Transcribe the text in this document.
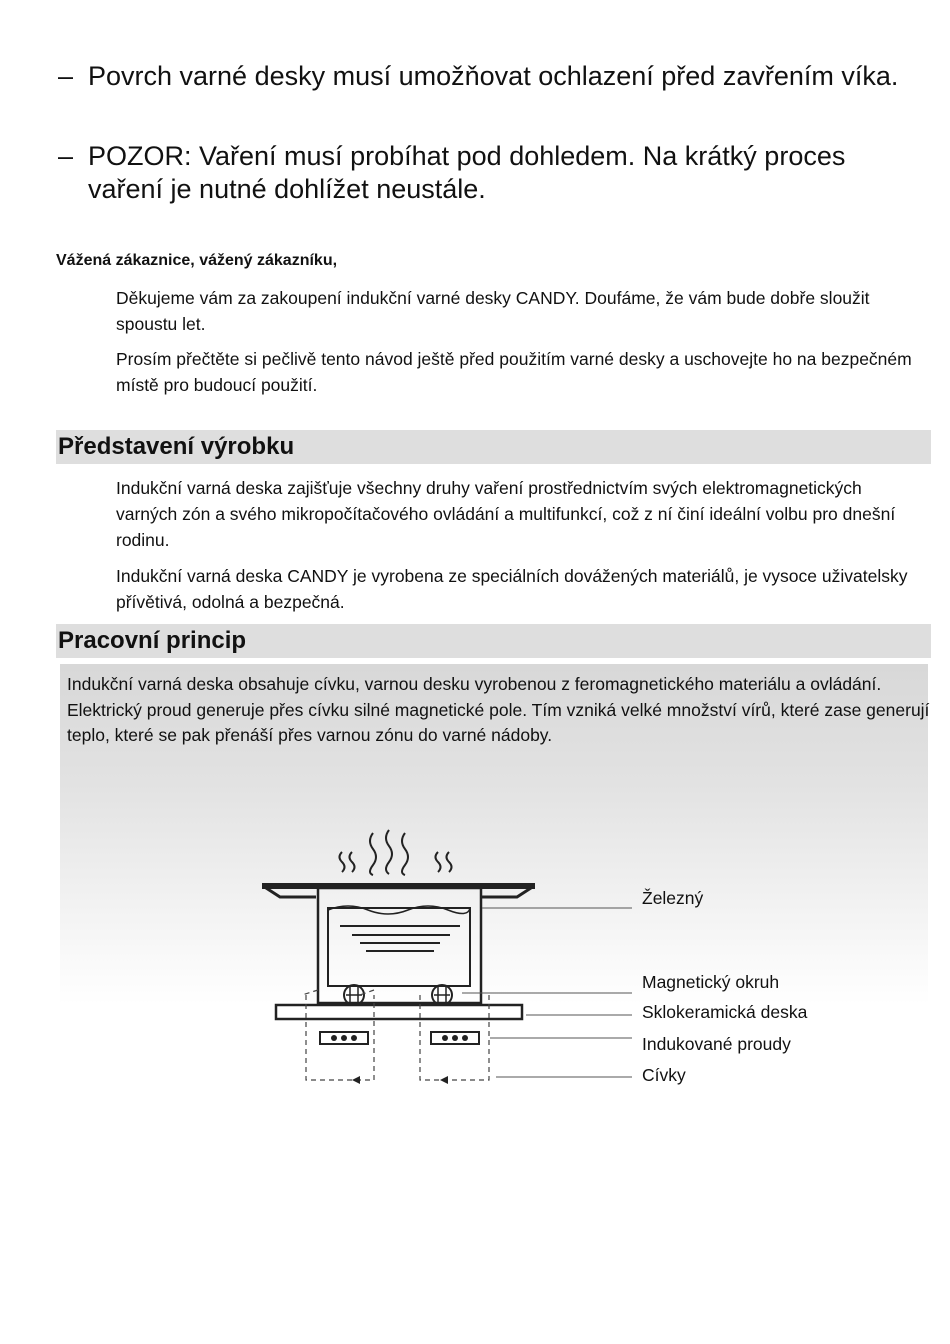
– Povrch varné desky musí umožňovat ochlazení před zavřením víka.
– POZOR: Vaření musí probíhat pod dohledem. Na krátký proces vaření je nutné dohlížet neustále.
Vážená zákaznice, vážený zákazníku,
Děkujeme vám za zakoupení indukční varné desky CANDY. Doufáme, že vám bude dobře sloužit spoustu let.
Prosím přečtěte si pečlivě tento návod ještě před použitím varné desky a uschovejte ho na bezpečném místě pro budoucí použití.
Představení výrobku
Indukční varná deska zajišťuje všechny druhy vaření prostřednictvím svých elektromagnetických varných zón a svého mikropočítačového ovládání a multifunkcí, což z ní činí ideální volbu pro dnešní rodinu.
Indukční varná deska CANDY je vyrobena ze speciálních dovážených materiálů, je vysoce uživatelsky přívětivá, odolná a bezpečná.
Pracovní princip
Indukční varná deska obsahuje cívku, varnou desku vyrobenou z feromagnetického materiálu a ovládání. Elektrický proud generuje přes cívku silné magnetické pole. Tím vzniká velké množství vírů, které zase generují teplo, které se pak přenáší přes varnou zónu do varné nádoby.
Železný
Magnetický okruh
Sklokeramická deska
Indukované proudy
Cívky
